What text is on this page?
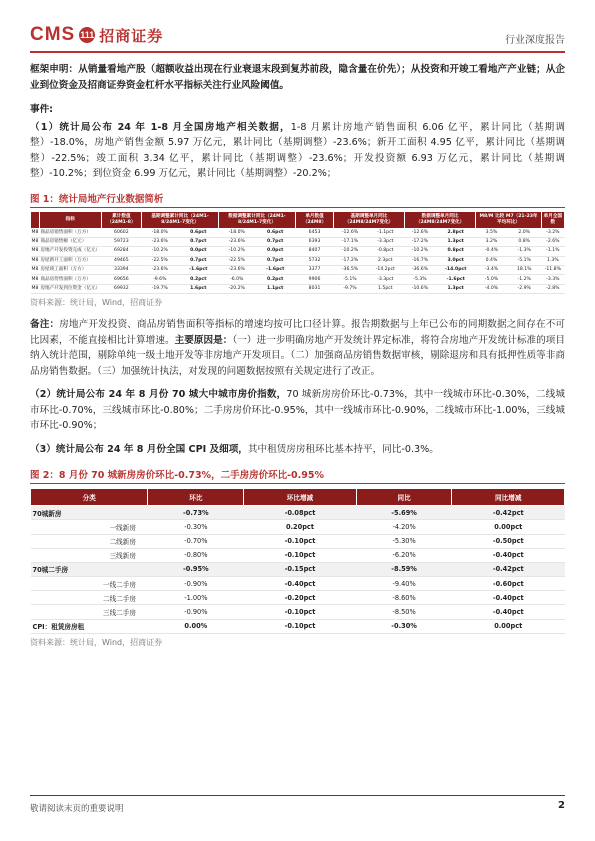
CMS 111 招商证券	行业深度报告

框架申明：从销量看地产股（超额收益出现在行业衰退末段到复苏前段，隐含量在价先）；从投资和开竣工看地产产业链；从企业到位资金及招商证券资金杠杆水平指标关注行业风险阈值。

事件:

（1）统计局公布 24 年 1-8 月全国房地产相关数据，1-8 月累计房地产销售面积 6.06 亿平，累计同比（基期调整）-18.0%，房地产销售金额 5.97 万亿元，累计同比（基期调整）-23.6%；新开工面积 4.95 亿平，累计同比（基期调整）-22.5%；竣工面积 3.34 亿平，累计同比（基期调整）-23.6%；开发投资额 6.93 万亿元，累计同比（基期调整）-10.2%；到位资金 6.99 万亿元，累计同比（基期调整）-20.2%；

图 1：统计局地产行业数据简析
	指标	累计数值（24M1-8）	基期调整累计同比（24M1-8/24M1-7变化）		数据调整累计同比（24M1-8/24M1-7变化）		单月数值（24M8）	基期调整单月同比（24M8/24M7变化）		数据调整单月同比（24M8/24M7变化）		M8/M 比较 M7（21-23年平均环比）		单月全国数
M8	商品房销售面积（万方）	60602	-18.0%	0.6pct	-18.0%	0.6pct	6453	-12.6%	-1.1pct	-12.6%	2.8pct	3.5%	2.0%	-3.2%
M8	商品房销售额（亿元）	59723	-23.6%	0.7pct	-23.6%	0.7pct	6393	-17.1%	-3.3pct	-17.2%	1.3pct	3.2%	0.8%	-2.6%
M8	房地产开发投资完成（亿元）	69284	-10.2%	0.0pct	-10.2%	0.0pct	8407	-10.2%	-0.8pct	-10.2%	0.8pct	-0.4%	-1.3%	-1.1%
M8	房屋新开工面积（万方）	49465	-22.5%	0.7pct	-22.5%	0.7pct	5732	-17.2%	2.3pct	-16.7%	3.0pct	0.4%	-5.1%	1.3%
M8	房屋竣工面积（万方）	33394	-23.6%	-1.6pct	-23.6%	-1.6pct	3377	-36.5%	-14.2pct	-36.6%	-14.0pct	-3.4%	18.1%	-11.8%
M8	商品房待售面积（万方）	69656	-9.6%	0.2pct	-6.0%	0.2pct	9906	-5.1%	-3.3pct	-5.3%	-1.6pct	-5.0%	-1.2%	-3.3%
M8	房地产开发到位资金（亿元）	69932	-19.7%	1.6pct	-20.2%	1.1pct	8031	-9.7%	1.5pct	-10.6%	1.3pct	-4.0%	-2.9%	-2.8%
资料来源：统计局，Wind，招商证券

备注：房地产开发投资、商品房销售面积等指标的增速均按可比口径计算。报告期数据与上年已公布的同期数据之间存在不可比因素，不能直接相比计算增速。主要原因是：（一）进一步明确房地产开发统计界定标准，将符合房地产开发统计标准的项目纳入统计范围，剔除单纯一级土地开发等非房地产开发项目。（二）加强商品房销售数据审核，剔除退房和具有抵押性质等非商品房销售数据。（三）加强统计执法，对发现的问题数据按照有关规定进行了改正。

（2）统计局公布 24 年 8 月份 70 城大中城市房价指数，70 城新房房价环比-0.73%，其中一线城市环比-0.30%，二线城市环比-0.70%，三线城市环比-0.80%；二手房房价环比-0.95%，其中一线城市环比-0.90%，二线城市环比-1.00%，三线城市环比-0.90%；

（3）统计局公布 24 年 8 月份全国 CPI 及细项，其中租赁房房租环比基本持平，同比-0.3%。

图 2：8 月份 70 城新房房价环比-0.73%，二手房房价环比-0.95%
分类	环比	环比增减	同比	同比增减
70城新房	-0.73%	-0.08pct	-5.69%	-0.42pct
一线新房	-0.30%	0.20pct	-4.20%	0.00pct
二线新房	-0.70%	-0.10pct	-5.30%	-0.50pct
三线新房	-0.80%	-0.10pct	-6.20%	-0.40pct
70城二手房	-0.95%	-0.15pct	-8.59%	-0.42pct
一线二手房	-0.90%	-0.40pct	-9.40%	-0.60pct
二线二手房	-1.00%	-0.20pct	-8.60%	-0.40pct
三线二手房	-0.90%	-0.10pct	-8.50%	-0.40pct
CPI：租赁房房租	0.00%	-0.10pct	-0.30%	0.00pct
资料来源：统计局，Wind，招商证券
敬请阅读末页的重要说明	2
